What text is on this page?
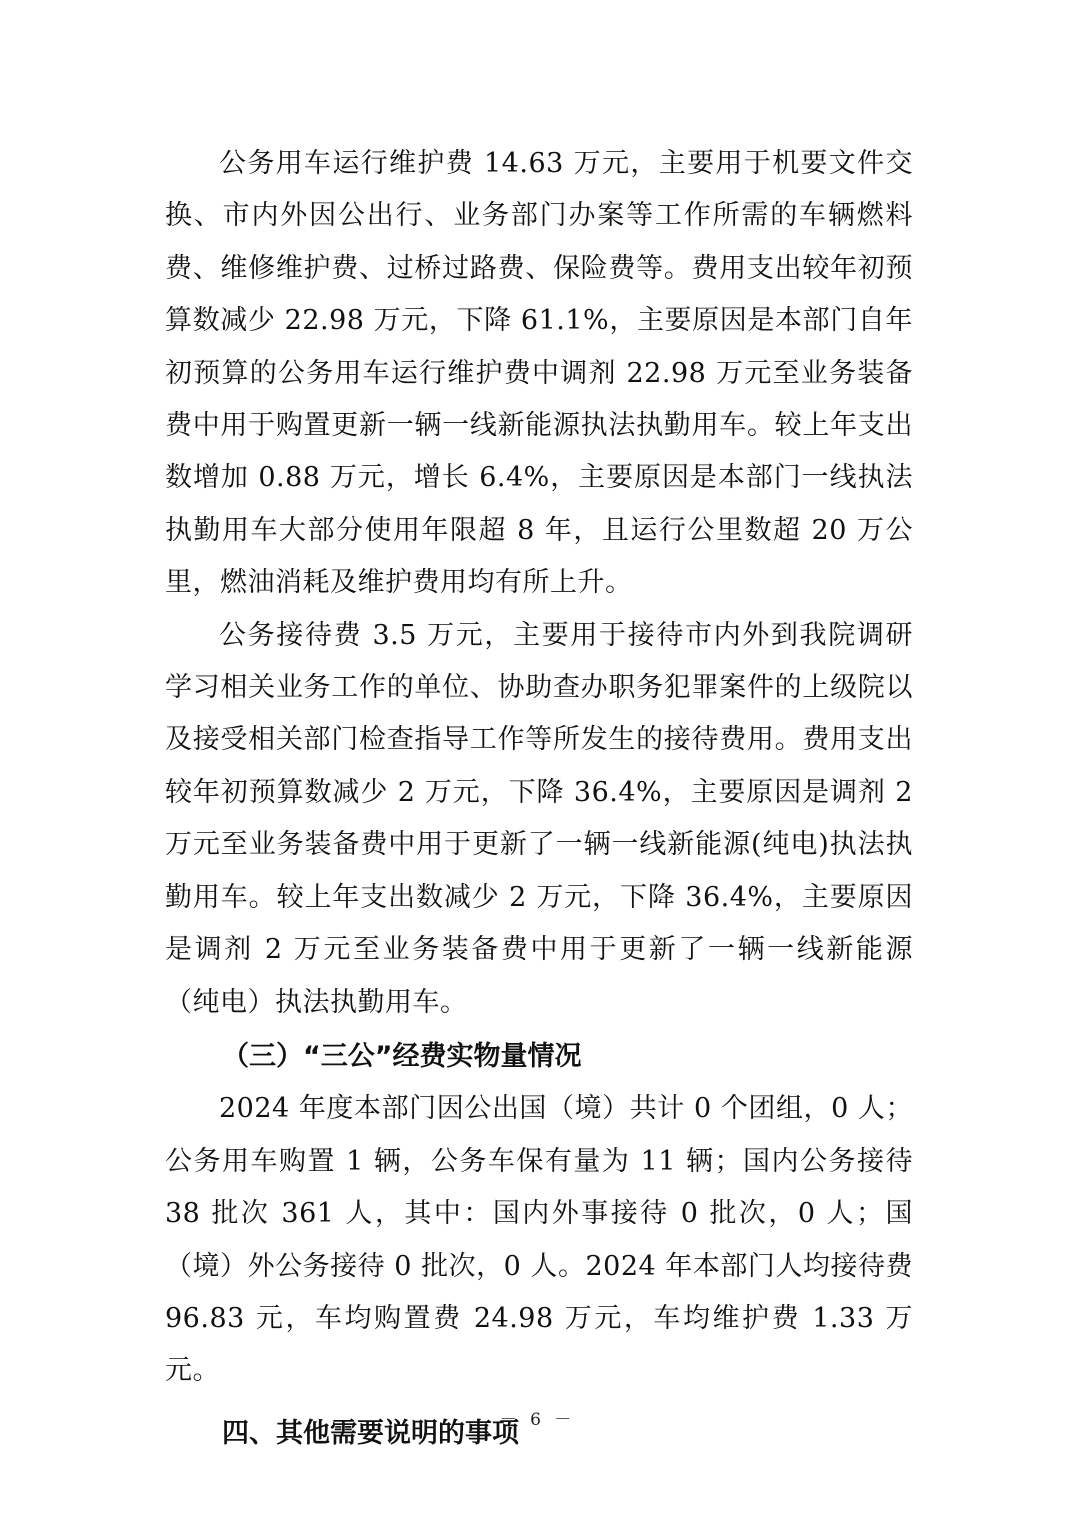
公务用车运行维护费 14.63 万元，主要用于机要文件交换、市内外因公出行、业务部门办案等工作所需的车辆燃料费、维修维护费、过桥过路费、保险费等。费用支出较年初预算数减少 22.98 万元，下降 61.1%，主要原因是本部门自年初预算的公务用车运行维护费中调剂 22.98 万元至业务装备费中用于购置更新一辆一线新能源执法执勤用车。较上年支出数增加 0.88 万元，增长 6.4%，主要原因是本部门一线执法执勤用车大部分使用年限超 8 年，且运行公里数超 20 万公里，燃油消耗及维护费用均有所上升。

公务接待费 3.5 万元，主要用于接待市内外到我院调研学习相关业务工作的单位、协助查办职务犯罪案件的上级院以及接受相关部门检查指导工作等所发生的接待费用。费用支出较年初预算数减少 2 万元，下降 36.4%，主要原因是调剂 2 万元至业务装备费中用于更新了一辆一线新能源(纯电)执法执勤用车。较上年支出数减少 2 万元，下降 36.4%，主要原因是调剂 2 万元至业务装备费中用于更新了一辆一线新能源（纯电）执法执勤用车。

（三）“三公”经费实物量情况

2024 年度本部门因公出国（境）共计 0 个团组，0 人；公务用车购置 1 辆，公务车保有量为 11 辆；国内公务接待 38 批次 361 人，其中：国内外事接待 0 批次，0 人；国（境）外公务接待 0 批次，0 人。2024 年本部门人均接待费 96.83 元，车均购置费 24.98 万元，车均维护费 1.33 万元。

四、其他需要说明的事项

－ 6 －
